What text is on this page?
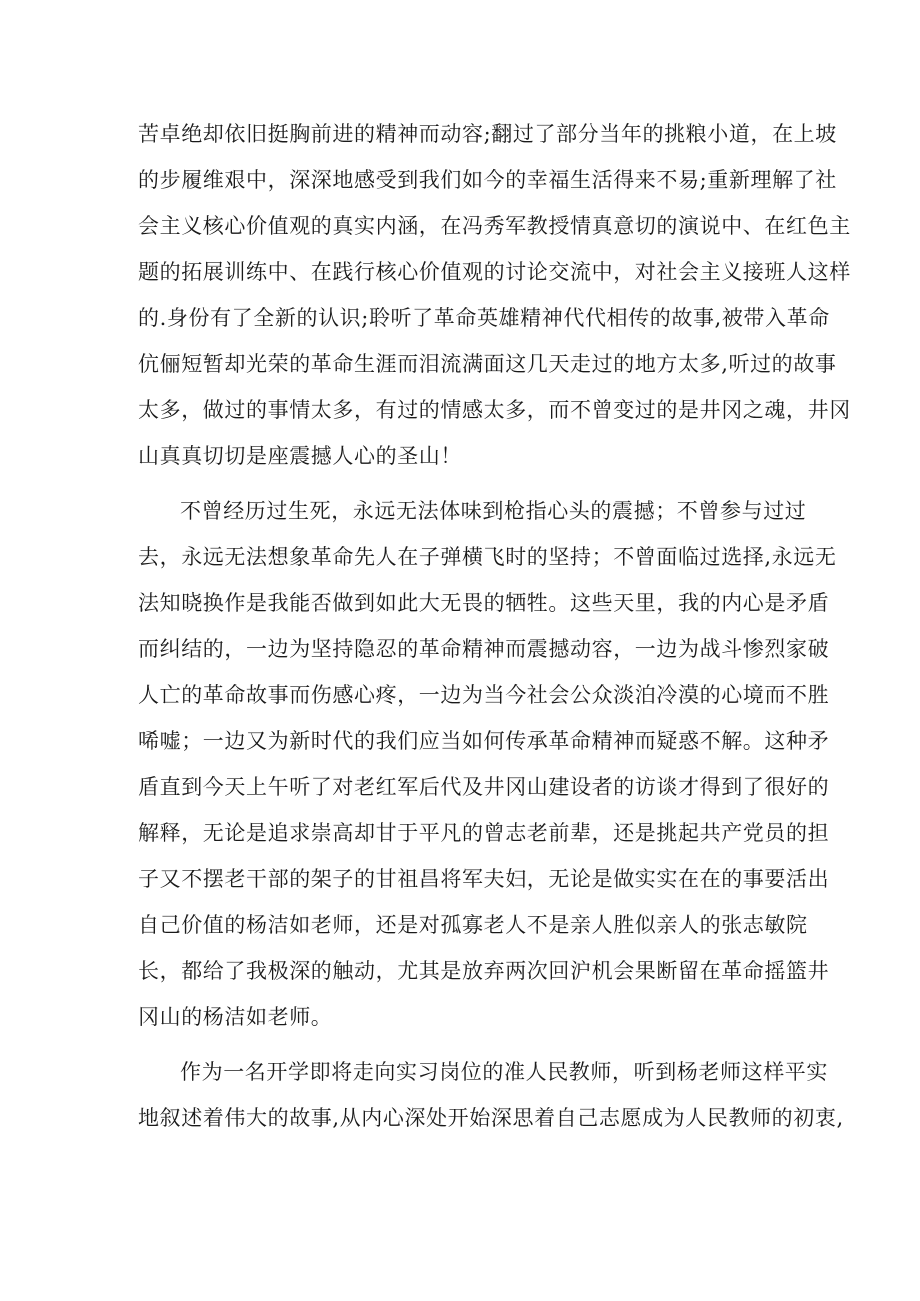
苦卓绝却依旧挺胸前进的精神而动容;翻过了部分当年的挑粮小道，在上坡
的步履维艰中，深深地感受到我们如今的幸福生活得来不易;重新理解了社
会主义核心价值观的真实内涵，在冯秀军教授情真意切的演说中、在红色主
题的拓展训练中、在践行核心价值观的讨论交流中，对社会主义接班人这样
的.身份有了全新的认识;聆听了革命英雄精神代代相传的故事,被带入革命
伉俪短暂却光荣的革命生涯而泪流满面这几天走过的地方太多,听过的故事
太多，做过的事情太多，有过的情感太多，而不曾变过的是井冈之魂，井冈
山真真切切是座震撼人心的圣山！
不曾经历过生死，永远无法体味到枪指心头的震撼；不曾参与过过
去，永远无法想象革命先人在子弹横飞时的坚持；不曾面临过选择,永远无
法知晓换作是我能否做到如此大无畏的牺牲。这些天里，我的内心是矛盾
而纠结的，一边为坚持隐忍的革命精神而震撼动容，一边为战斗惨烈家破
人亡的革命故事而伤感心疼，一边为当今社会公众淡泊冷漠的心境而不胜
唏嘘；一边又为新时代的我们应当如何传承革命精神而疑惑不解。这种矛
盾直到今天上午听了对老红军后代及井冈山建设者的访谈才得到了很好的
解释，无论是追求崇高却甘于平凡的曾志老前辈，还是挑起共产党员的担
子又不摆老干部的架子的甘祖昌将军夫妇，无论是做实实在在的事要活出
自己价值的杨洁如老师，还是对孤寡老人不是亲人胜似亲人的张志敏院
长，都给了我极深的触动，尤其是放弃两次回沪机会果断留在革命摇篮井
冈山的杨洁如老师。
作为一名开学即将走向实习岗位的准人民教师，听到杨老师这样平实
地叙述着伟大的故事,从内心深处开始深思着自己志愿成为人民教师的初衷,
